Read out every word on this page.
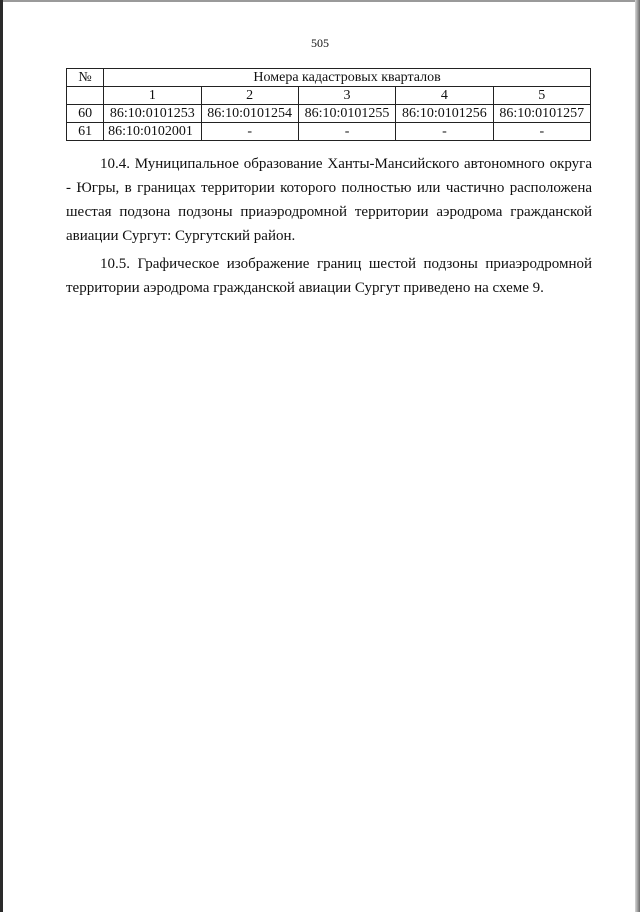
505
№	Номера кадастровых кварталов				
	1	2	3	4	5
60	86:10:0101253	86:10:0101254	86:10:0101255	86:10:0101256	86:10:0101257
61	86:10:0102001	-	-	-	-

10.4. Муниципальное образование Ханты-Мансийского автономного округа - Югры, в границах территории которого полностью или частично расположена шестая подзона подзоны приаэродромной территории аэродрома гражданской авиации Сургут: Сургутский район.

10.5. Графическое изображение границ шестой подзоны приаэродромной территории аэродрома гражданской авиации Сургут приведено на схеме 9.
